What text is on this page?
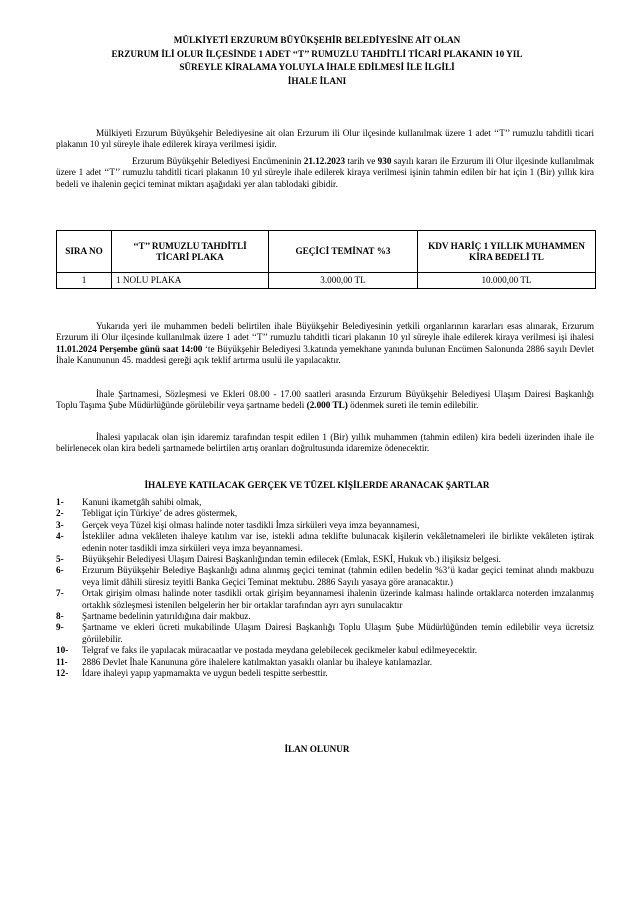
MÜLKİYETİ ERZURUM BÜYÜKŞEHİR BELEDİYESİNE AİT OLAN
ERZURUM İLİ OLUR İLÇESİNDE 1 ADET ‘‘T’’ RUMUZLU TAHDİTLİ TİCARİ PLAKANIN 10 YIL
SÜREYLE KİRALAMA YOLUYLA İHALE EDİLMESİ İLE İLGİLİ
İHALE İLANI
Mülkiyeti Erzurum Büyükşehir Belediyesine ait olan Erzurum ili Olur ilçesinde kullanılmak üzere 1 adet ‘‘T’’ rumuzlu tahditli ticari plakanın 10 yıl süreyle ihale edilerek kiraya verilmesi işidir.
Erzurum Büyükşehir Belediyesi Encümeninin 21.12.2023 tarih ve 930 sayılı kararı ile Erzurum ili Olur ilçesinde kullanılmak üzere 1 adet ‘‘T’’ rumuzlu tahditli ticari plakanın 10 yıl süreyle ihale edilerek kiraya verilmesi işinin tahmin edilen bir hat için 1 (Bir) yıllık kira bedeli ve ihalenin geçici teminat miktarı aşağıdaki yer alan tablodaki gibidir.
SIRA NO	‘‘T’’ RUMUZLU TAHDİTLİ TİCARİ PLAKA	GEÇİCİ TEMİNAT %3	KDV HARİÇ 1 YILLIK MUHAMMEN KİRA BEDELİ TL
1	1 NOLU PLAKA	3.000,00 TL	10.000,00 TL
Yukarıda yeri ile muhammen bedeli belirtilen ihale Büyükşehir Belediyesinin yetkili organlarının kararları esas alınarak, Erzurum Erzurum ili Olur ilçesinde kullanılmak üzere 1 adet ‘‘T’’ rumuzlu tahditli ticari plakanın 10 yıl süreyle ihale edilerek kiraya verilmesi işi ihalesi 11.01.2024 Perşembe günü saat 14:00 ‘te Büyükşehir Belediyesi 3.katında yemekhane yanında bulunan Encümen Salonunda 2886 sayılı Devlet İhale Kanununun 45. maddesi gereği açık teklif artırma usulü ile yapılacaktır.
İhale Şartnamesi, Sözleşmesi ve Ekleri 08.00 - 17.00 saatleri arasında Erzurum Büyükşehir Belediyesi Ulaşım Dairesi Başkanlığı Toplu Taşıma Şube Müdürlüğünde görülebilir veya şartname bedeli (2.000 TL) ödenmek sureti ile temin edilebilir.
İhalesi yapılacak olan işin idaremiz tarafından tespit edilen 1 (Bir) yıllık muhammen (tahmin edilen) kira bedeli üzerinden ihale ile belirlenecek olan kira bedeli şartnamede belirtilen artış oranları doğrultusunda idaremize ödenecektir.
İHALEYE KATILACAK GERÇEK VE TÜZEL KİŞİLERDE ARANACAK ŞARTLAR
1-	Kanuni ikametgâh sahibi olmak,
2-	Tebligat için Türkiye’ de adres göstermek,
3-	Gerçek veya Tüzel kişi olması halinde noter tasdikli İmza sirküleri veya imza beyannamesi,
4-	İstekliler adına vekâleten ihaleye katılım var ise, istekli adına teklifte bulunacak kişilerin vekâletnameleri ile birlikte vekâleten iştirak edenin noter tasdikli imza sirküleri veya imza beyannamesi.
5-	Büyükşehir Belediyesi Ulaşım Dairesi Başkanlığından temin edilecek (Emlak, ESKİ, Hukuk vb.) ilişiksiz belgesi.
6-	Erzurum Büyükşehir Belediye Başkanlığı adına alınmış geçici teminat (tahmin edilen bedelin %3’ü kadar geçici teminat alındı makbuzu veya limit dâhili süresiz teyitli Banka Geçici Teminat mektubu. 2886 Sayılı yasaya göre aranacaktır.)
7-	Ortak girişim olması halinde noter tasdikli ortak girişim beyannamesi ihalenin üzerinde kalması halinde ortaklarca noterden imzalanmış ortaklık sözleşmesi istenilen belgelerin her bir ortaklar tarafından ayrı ayrı sunulacaktır
8-	Şartname bedelinin yatırıldığına dair makbuz.
9-	Şartname ve ekleri ücreti mukabilinde Ulaşım Dairesi Başkanlığı Toplu Ulaşım Şube Müdürlüğünden temin edilebilir veya ücretsiz görülebilir.
10-	Telgraf ve faks ile yapılacak müracaatlar ve postada meydana gelebilecek gecikmeler kabul edilmeyecektir.
11-	2886 Devlet İhale Kanununa göre ihalelere katılmaktan yasaklı olanlar bu ihaleye katılamazlar.
12-	İdare ihaleyi yapıp yapmamakta ve uygun bedeli tespitte serbesttir.
İLAN OLUNUR
